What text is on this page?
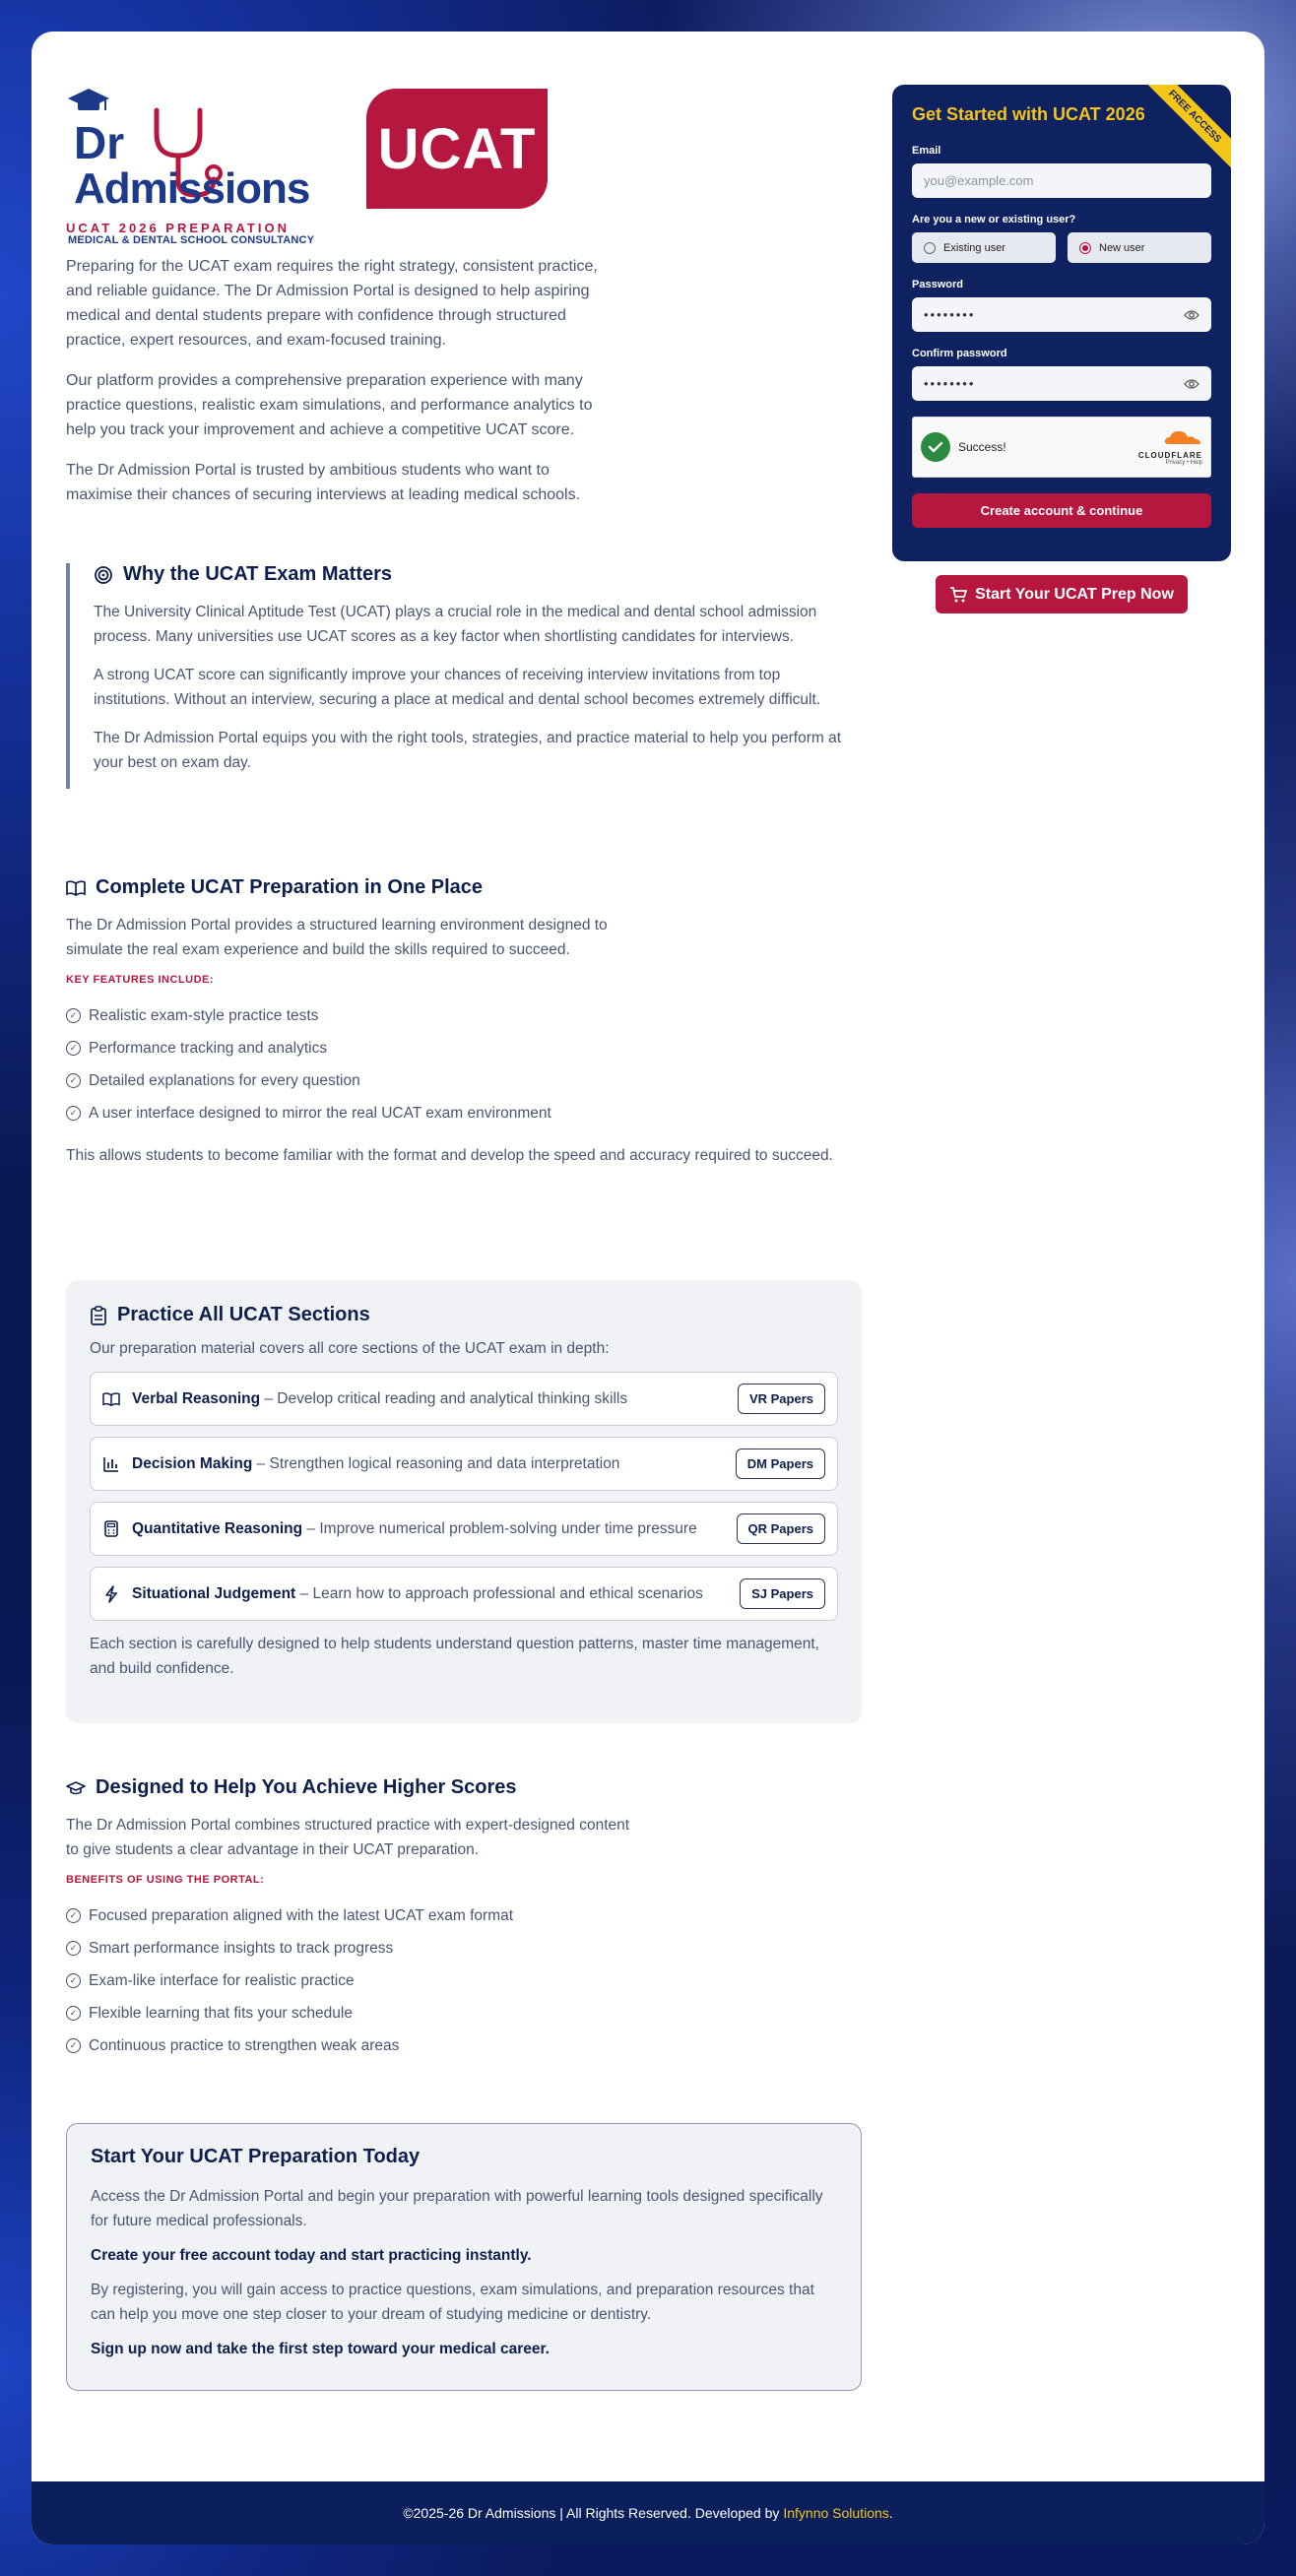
Dr
Admissions
MEDICAL & DENTAL SCHOOL CONSULTANCY
UCAT 2026 PREPARATION
UCAT

Preparing for the UCAT exam requires the right strategy, consistent practice, and reliable guidance. The Dr Admission Portal is designed to help aspiring medical and dental students prepare with confidence through structured practice, expert resources, and exam-focused training.

Our platform provides a comprehensive preparation experience with many practice questions, realistic exam simulations, and performance analytics to help you track your improvement and achieve a competitive UCAT score.

The Dr Admission Portal is trusted by ambitious students who want to maximise their chances of securing interviews at leading medical schools.

Why the UCAT Exam Matters

The University Clinical Aptitude Test (UCAT) plays a crucial role in the medical and dental school admission process. Many universities use UCAT scores as a key factor when shortlisting candidates for interviews.

A strong UCAT score can significantly improve your chances of receiving interview invitations from top institutions. Without an interview, securing a place at medical and dental school becomes extremely difficult.

The Dr Admission Portal equips you with the right tools, strategies, and practice material to help you perform at your best on exam day.

Complete UCAT Preparation in One Place
The Dr Admission Portal provides a structured learning environment designed to simulate the real exam experience and build the skills required to succeed.
KEY FEATURES INCLUDE:
✓ Realistic exam-style practice tests
✓ Performance tracking and analytics
✓ Detailed explanations for every question
✓ A user interface designed to mirror the real UCAT exam environment
This allows students to become familiar with the format and develop the speed and accuracy required to succeed.
Practice All UCAT Sections
Our preparation material covers all core sections of the UCAT exam in depth:
Verbal Reasoning – Develop critical reading and analytical thinking skills	VR Papers
Decision Making – Strengthen logical reasoning and data interpretation	DM Papers
Quantitative Reasoning – Improve numerical problem-solving under time pressure	QR Papers
Situational Judgement – Learn how to approach professional and ethical scenarios	SJ Papers
Each section is carefully designed to help students understand question patterns, master time management, and build confidence.
Designed to Help You Achieve Higher Scores
The Dr Admission Portal combines structured practice with expert-designed content to give students a clear advantage in their UCAT preparation.
BENEFITS OF USING THE PORTAL:
✓ Focused preparation aligned with the latest UCAT exam format
✓ Smart performance insights to track progress
✓ Exam-like interface for realistic practice
✓ Flexible learning that fits your schedule
✓ Continuous practice to strengthen weak areas
Start Your UCAT Preparation Today

Access the Dr Admission Portal and begin your preparation with powerful learning tools designed specifically for future medical professionals.

Create your free account today and start practicing instantly.

By registering, you will gain access to practice questions, exam simulations, and preparation resources that can help you move one step closer to your dream of studying medicine or dentistry.

Sign up now and take the first step toward your medical career.

FREE ACCESS
Get Started with UCAT 2026
Email
you@example.com
Are you a new or existing user?
Existing user	New user
Password
••••••••
Confirm password
••••••••
Success!
CLOUDFLARE
Privacy • Help
Create account & continue
Start Your UCAT Prep Now
©2025-26 Dr Admissions | All Rights Reserved. Developed by Infynno Solutions .
